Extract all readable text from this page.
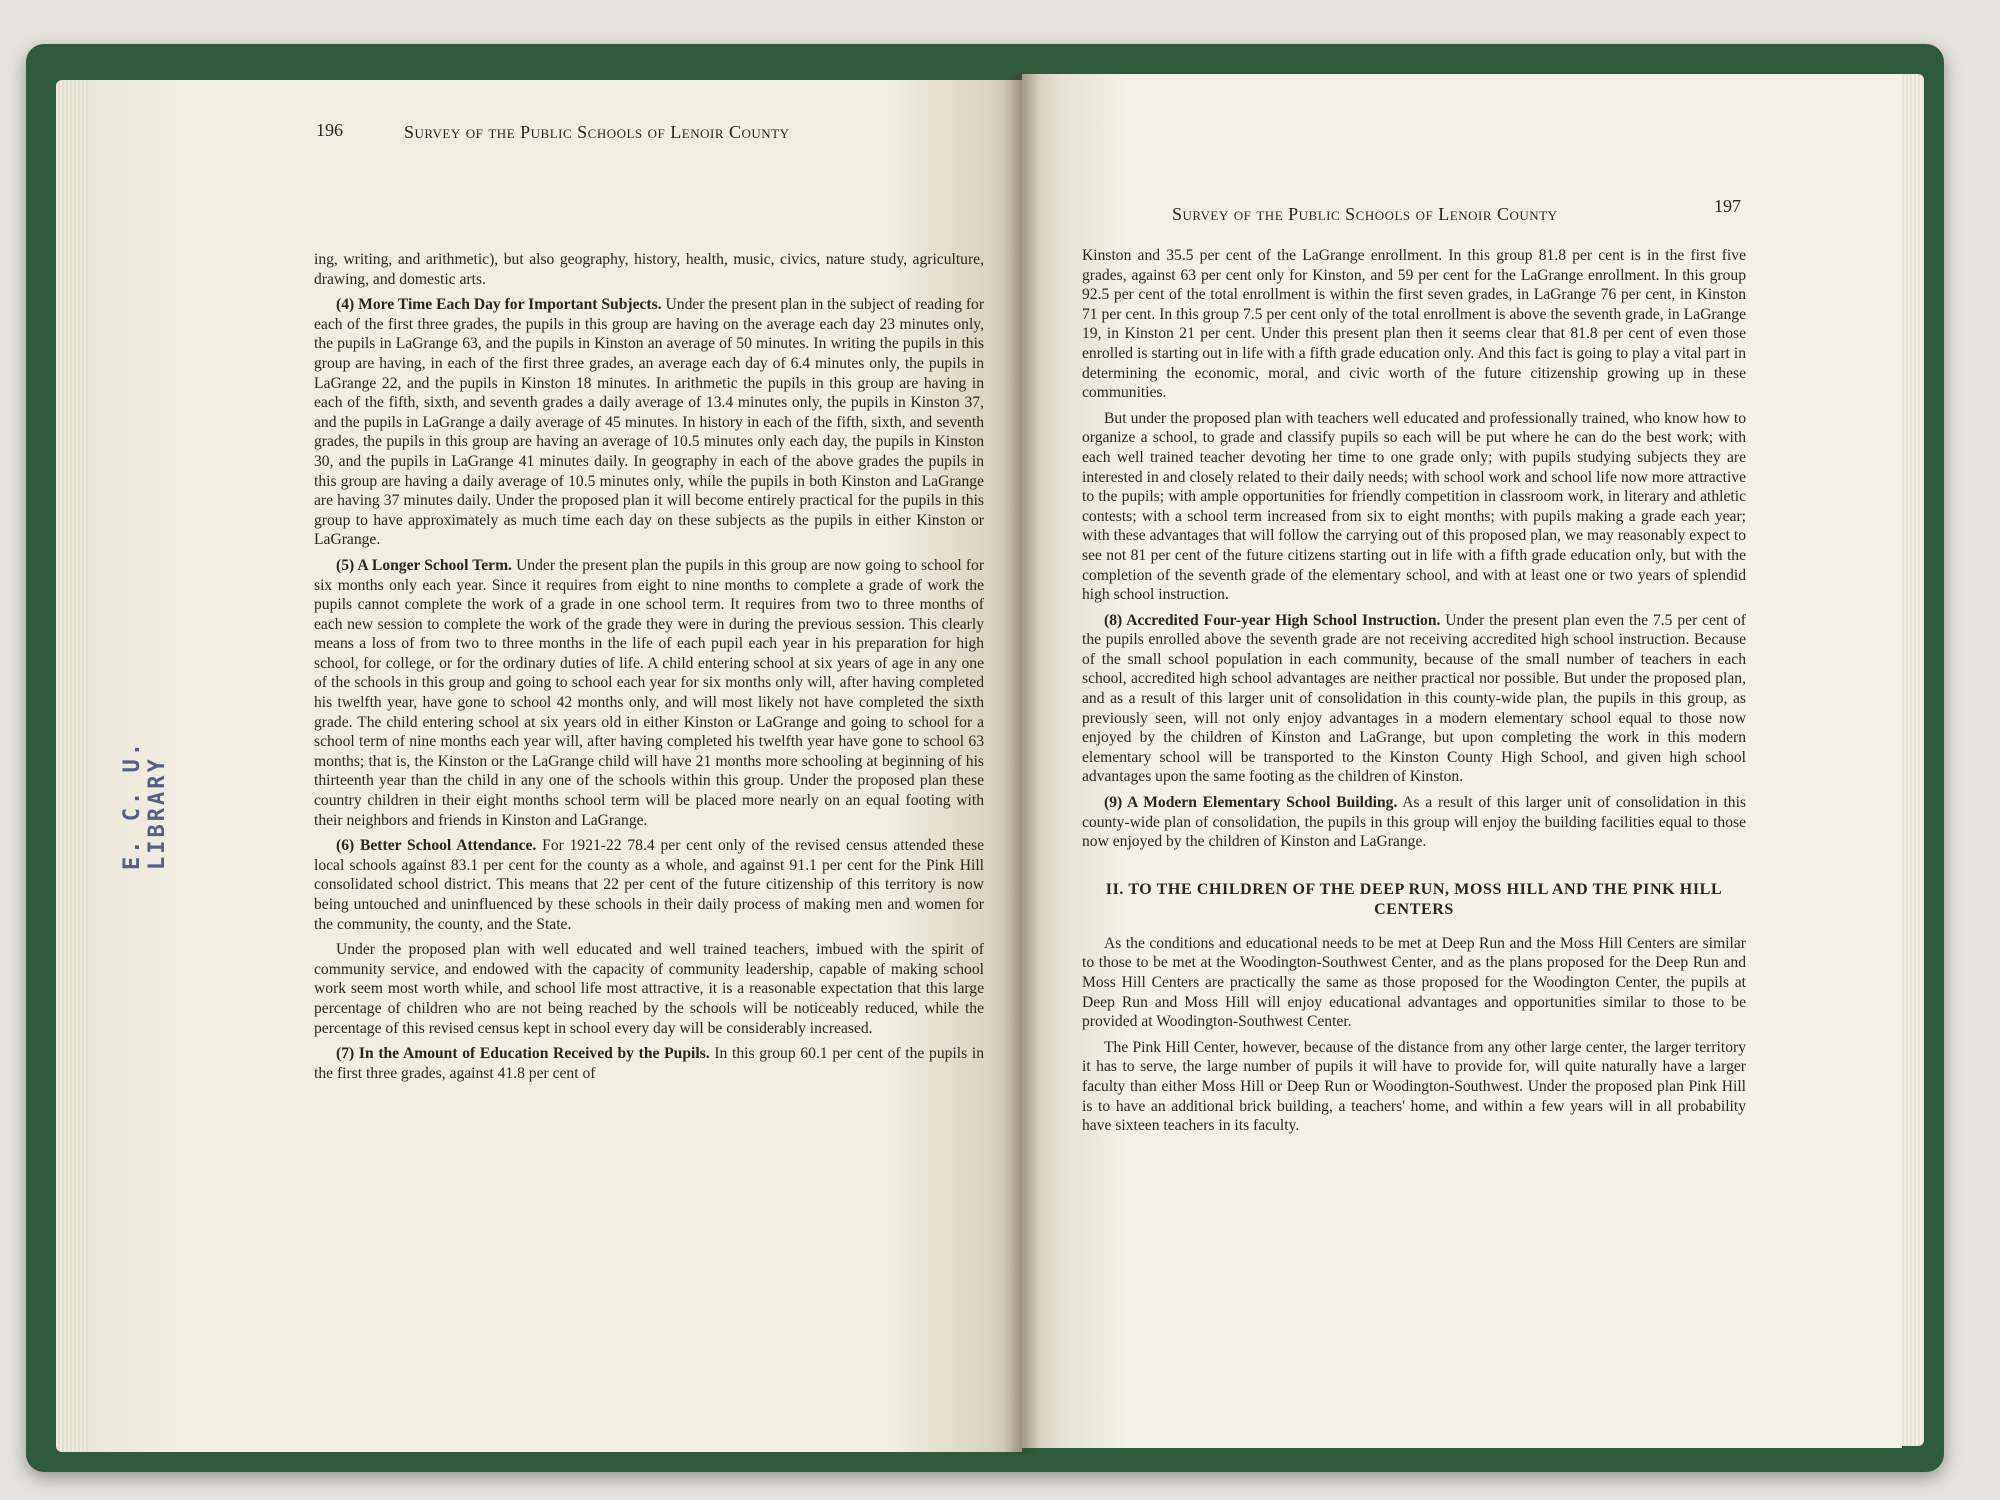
196	Survey of the Public Schools of Lenoir County
E. C. U. LIBRARY

ing, writing, and arithmetic), but also geography, history, health, music, civics, nature study, agriculture, drawing, and domestic arts.

(4) More Time Each Day for Important Subjects. Under the present plan in the subject of reading for each of the first three grades, the pupils in this group are having on the average each day 23 minutes only, the pupils in LaGrange 63, and the pupils in Kinston an average of 50 minutes. In writing the pupils in this group are having, in each of the first three grades, an average each day of 6.4 minutes only, the pupils in LaGrange 22, and the pupils in Kinston 18 minutes. In arithmetic the pupils in this group are having in each of the fifth, sixth, and seventh grades a daily average of 13.4 minutes only, the pupils in Kinston 37, and the pupils in LaGrange a daily average of 45 minutes. In history in each of the fifth, sixth, and seventh grades, the pupils in this group are having an average of 10.5 minutes only each day, the pupils in Kinston 30, and the pupils in LaGrange 41 minutes daily. In geography in each of the above grades the pupils in this group are having a daily average of 10.5 minutes only, while the pupils in both Kinston and LaGrange are having 37 minutes daily. Under the proposed plan it will become entirely practical for the pupils in this group to have approximately as much time each day on these subjects as the pupils in either Kinston or LaGrange.

(5) A Longer School Term. Under the present plan the pupils in this group are now going to school for six months only each year. Since it requires from eight to nine months to complete a grade of work the pupils cannot complete the work of a grade in one school term. It requires from two to three months of each new session to complete the work of the grade they were in during the previous session. This clearly means a loss of from two to three months in the life of each pupil each year in his preparation for high school, for college, or for the ordinary duties of life. A child entering school at six years of age in any one of the schools in this group and going to school each year for six months only will, after having completed his twelfth year, have gone to school 42 months only, and will most likely not have completed the sixth grade. The child entering school at six years old in either Kinston or LaGrange and going to school for a school term of nine months each year will, after having completed his twelfth year have gone to school 63 months; that is, the Kinston or the LaGrange child will have 21 months more schooling at beginning of his thirteenth year than the child in any one of the schools within this group. Under the proposed plan these country children in their eight months school term will be placed more nearly on an equal footing with their neighbors and friends in Kinston and LaGrange.

(6) Better School Attendance. For 1921-22 78.4 per cent only of the revised census attended these local schools against 83.1 per cent for the county as a whole, and against 91.1 per cent for the Pink Hill consolidated school district. This means that 22 per cent of the future citizenship of this territory is now being untouched and uninfluenced by these schools in their daily process of making men and women for the community, the county, and the State.

Under the proposed plan with well educated and well trained teachers, imbued with the spirit of community service, and endowed with the capacity of community leadership, capable of making school work seem most worth while, and school life most attractive, it is a reasonable expectation that this large percentage of children who are not being reached by the schools will be noticeably reduced, while the percentage of this revised census kept in school every day will be considerably increased.

(7) In the Amount of Education Received by the Pupils. In this group 60.1 per cent of the pupils in the first three grades, against 41.8 per cent of

Survey of the Public Schools of Lenoir County	197

Kinston and 35.5 per cent of the LaGrange enrollment. In this group 81.8 per cent is in the first five grades, against 63 per cent only for Kinston, and 59 per cent for the LaGrange enrollment. In this group 92.5 per cent of the total enrollment is within the first seven grades, in LaGrange 76 per cent, in Kinston 71 per cent. In this group 7.5 per cent only of the total enrollment is above the seventh grade, in LaGrange 19, in Kinston 21 per cent. Under this present plan then it seems clear that 81.8 per cent of even those enrolled is starting out in life with a fifth grade education only. And this fact is going to play a vital part in determining the economic, moral, and civic worth of the future citizenship growing up in these communities.

But under the proposed plan with teachers well educated and professionally trained, who know how to organize a school, to grade and classify pupils so each will be put where he can do the best work; with each well trained teacher devoting her time to one grade only; with pupils studying subjects they are interested in and closely related to their daily needs; with school work and school life now more attractive to the pupils; with ample opportunities for friendly competition in classroom work, in literary and athletic contests; with a school term increased from six to eight months; with pupils making a grade each year; with these advantages that will follow the carrying out of this proposed plan, we may reasonably expect to see not 81 per cent of the future citizens starting out in life with a fifth grade education only, but with the completion of the seventh grade of the elementary school, and with at least one or two years of splendid high school instruction.

(8) Accredited Four-year High School Instruction. Under the present plan even the 7.5 per cent of the pupils enrolled above the seventh grade are not receiving accredited high school instruction. Because of the small school population in each community, because of the small number of teachers in each school, accredited high school advantages are neither practical nor possible. But under the proposed plan, and as a result of this larger unit of consolidation in this county-wide plan, the pupils in this group, as previously seen, will not only enjoy advantages in a modern elementary school equal to those now enjoyed by the children of Kinston and LaGrange, but upon completing the work in this modern elementary school will be transported to the Kinston County High School, and given high school advantages upon the same footing as the children of Kinston.

(9) A Modern Elementary School Building. As a result of this larger unit of consolidation in this county-wide plan of consolidation, the pupils in this group will enjoy the building facilities equal to those now enjoyed by the children of Kinston and LaGrange.

II. TO THE CHILDREN OF THE DEEP RUN, MOSS HILL AND THE PINK HILL CENTERS

As the conditions and educational needs to be met at Deep Run and the Moss Hill Centers are similar to those to be met at the Woodington-Southwest Center, and as the plans proposed for the Deep Run and Moss Hill Centers are practically the same as those proposed for the Woodington Center, the pupils at Deep Run and Moss Hill will enjoy educational advantages and opportunities similar to those to be provided at Woodington-Southwest Center.

The Pink Hill Center, however, because of the distance from any other large center, the larger territory it has to serve, the large number of pupils it will have to provide for, will quite naturally have a larger faculty than either Moss Hill or Deep Run or Woodington-Southwest. Under the proposed plan Pink Hill is to have an additional brick building, a teachers' home, and within a few years will in all probability have sixteen teachers in its faculty.
